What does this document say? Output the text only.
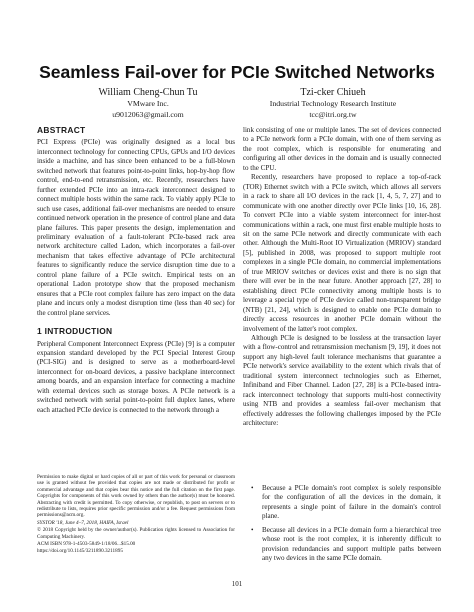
Seamless Fail-over for PCIe Switched Networks
William Cheng-Chun Tu
VMware Inc.
u9012063@gmail.com
Tzi-cker Chiueh
Industrial Technology Research Institute
tcc@itri.org.tw
ABSTRACT

PCI Express (PCIe) was originally designed as a local bus interconnect technology for connecting CPUs, GPUs and I/O devices inside a machine, and has since been enhanced to be a full-blown switched network that features point-to-point links, hop-by-hop flow control, end-to-end retransmission, etc. Recently, researchers have further extended PCIe into an intra-rack interconnect designed to connect multiple hosts within the same rack. To viably apply PCIe to such use cases, additional fail-over mechanisms are needed to ensure continued network operation in the presence of control plane and data plane failures. This paper presents the design, implementation and preliminary evaluation of a fault-tolerant PCIe-based rack area network architecture called Ladon, which incorporates a fail-over mechanism that takes effective advantage of PCIe architectural features to significantly reduce the service disruption time due to a control plane failure of a PCIe switch. Empirical tests on an operational Ladon prototype show that the proposed mechanism ensures that a PCIe root complex failure has zero impact on the data plane and incurs only a modest disruption time (less than 40 sec) for the control plane services.

1 INTRODUCTION

Peripheral Component Interconnect Express (PCIe) [9] is a computer expansion standard developed by the PCI Special Interest Group (PCI-SIG) and is designed to serve as a motherboard-level interconnect for on-board devices, a passive backplane interconnect among boards, and an expansion interface for connecting a machine with external devices such as storage boxes. A PCIe network is a switched network with serial point-to-point full duplex lanes, where each attached PCIe device is connected to the network through a

Permission to make digital or hard copies of all or part of this work for personal or classroom use is granted without fee provided that copies are not made or distributed for profit or commercial advantage and that copies bear this notice and the full citation on the first page. Copyrights for components of this work owned by others than the author(s) must be honored. Abstracting with credit is permitted. To copy otherwise, or republish, to post on servers or to redistribute to lists, requires prior specific permission and/or a fee. Request permissions from permissions@acm.org.

SYSTOR '18, June 4–7, 2018, HAIFA, Israel

© 2018 Copyright held by the owner/author(s). Publication rights licensed to Association for Computing Machinery.

ACM ISBN 978-1-4503-5849-1/18/06...$15.00

https://doi.org/10.1145/3211890.3211895

link consisting of one or multiple lanes. The set of devices connected to a PCIe network form a PCIe domain, with one of them serving as the root complex, which is responsible for enumerating and configuring all other devices in the domain and is usually connected to the CPU.

Recently, researchers have proposed to replace a top-of-rack (TOR) Ethernet switch with a PCIe switch, which allows all servers in a rack to share all I/O devices in the rack [1, 4, 5, 7, 27] and to communicate with one another directly over PCIe links [10, 16, 28]. To convert PCIe into a viable system interconnect for inter-host communications within a rack, one must first enable multiple hosts to sit on the same PCIe network and directly communicate with each other. Although the Multi-Root IO Virtualization (MRIOV) standard [5], published in 2008, was proposed to support multiple root complexes in a single PCIe domain, no commercial implementations of true MRIOV switches or devices exist and there is no sign that there will ever be in the near future. Another approach [27, 28] to establishing direct PCIe connectivity among multiple hosts is to leverage a special type of PCIe device called non-transparent bridge (NTB) [21, 24], which is designed to enable one PCIe domain to directly access resources in another PCIe domain without the involvement of the latter's root complex.

Although PCIe is designed to be lossless at the transaction layer with a flow-control and retransmission mechanism [9, 19], it does not support any high-level fault tolerance mechanisms that guarantee a PCIe network's service availability to the extent which rivals that of traditional system interconnect technologies such as Ethernet, Infiniband and Fiber Channel. Ladon [27, 28] is a PCIe-based intra-rack interconnect technology that supports multi-host connectivity using NTB and provides a seamless fail-over mechanism that effectively addresses the following challenges imposed by the PCIe architecture:

• Because a PCIe domain's root complex is solely responsible for the configuration of all the devices in the domain, it represents a single point of failure in the domain's control plane.
• Because all devices in a PCIe domain form a hierarchical tree whose root is the root complex, it is inherently difficult to provision redundancies and support multiple paths between any two devices in the same PCIe domain.
101
